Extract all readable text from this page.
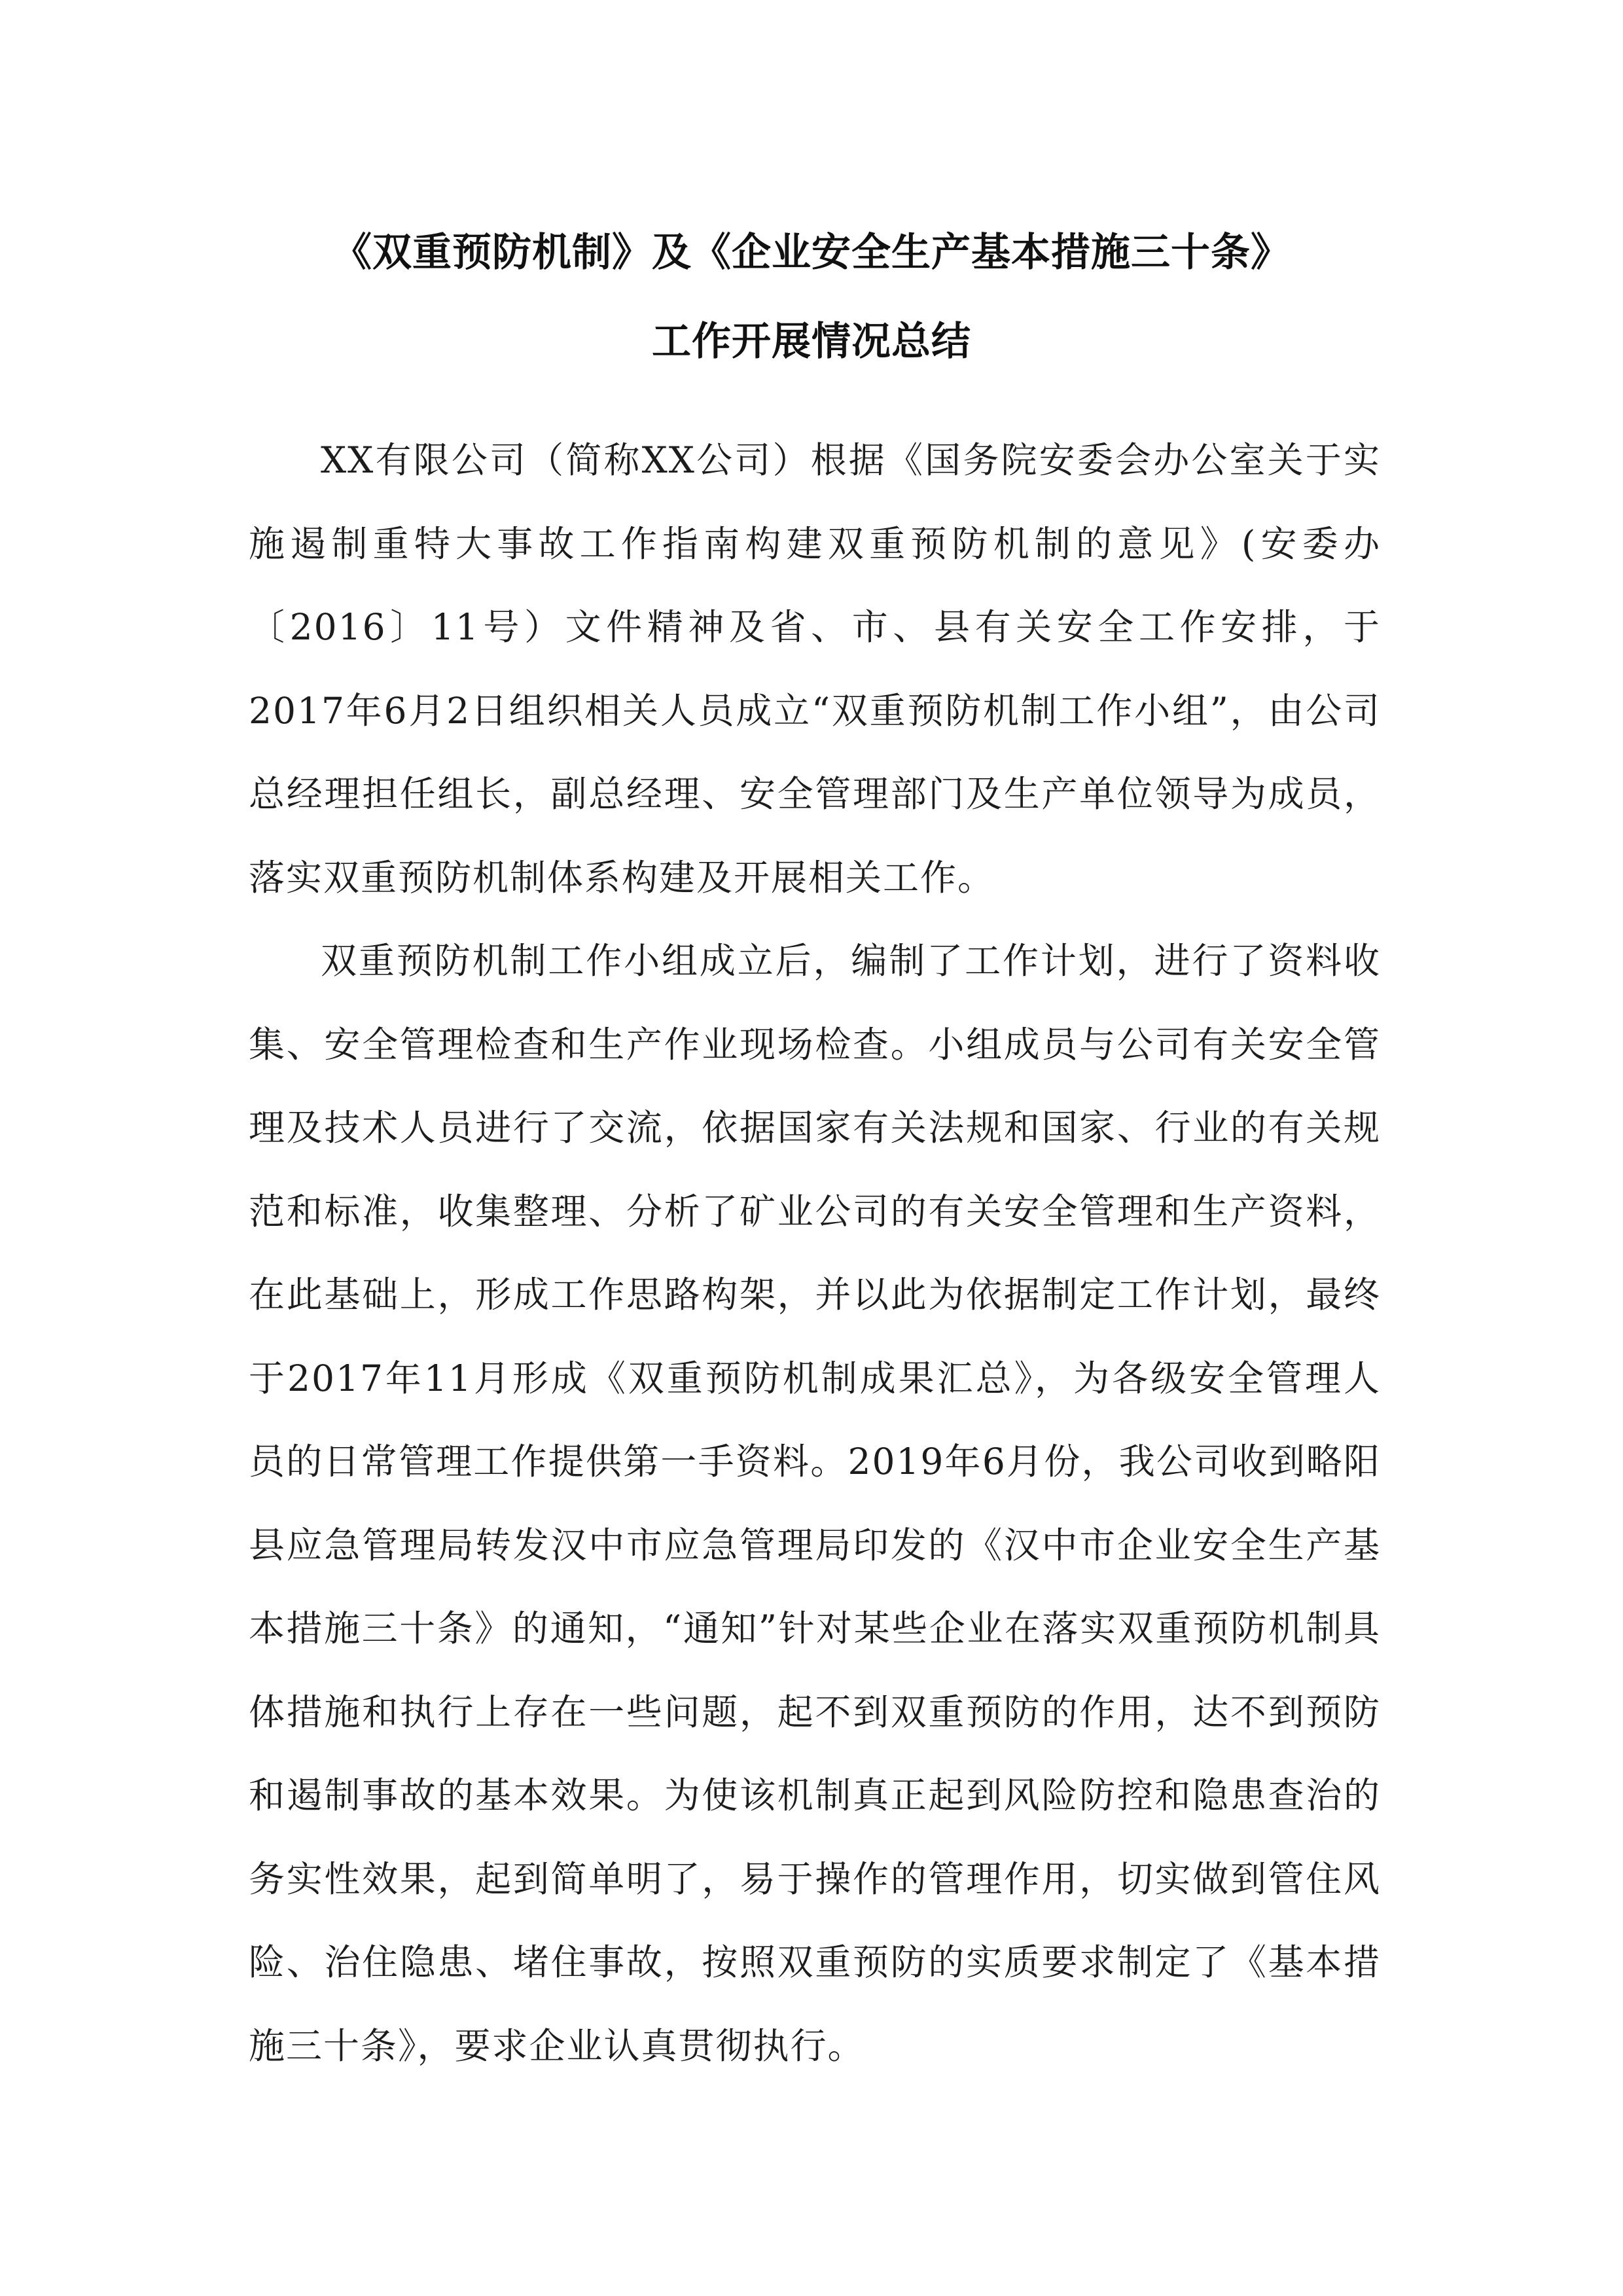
《双重预防机制》及《企业安全生产基本措施三十条》
工作开展情况总结

XX有限公司（简称XX公司）根据《国务院安委会办公室关于实施遏制重特大事故工作指南构建双重预防机制的意见》(安委办〔2016〕11号）文件精神及省、市、县有关安全工作安排，于2017年6月2日组织相关人员成立“双重预防机制工作小组”，由公司总经理担任组长，副总经理、安全管理部门及生产单位领导为成员，落实双重预防机制体系构建及开展相关工作。

双重预防机制工作小组成立后，编制了工作计划，进行了资料收集、安全管理检查和生产作业现场检查。小组成员与公司有关安全管理及技术人员进行了交流，依据国家有关法规和国家、行业的有关规范和标准，收集整理、分析了矿业公司的有关安全管理和生产资料，在此基础上，形成工作思路构架，并以此为依据制定工作计划，最终于2017年11月形成《双重预防机制成果汇总》，为各级安全管理人员的日常管理工作提供第一手资料。2019年6月份，我公司收到略阳县应急管理局转发汉中市应急管理局印发的《汉中市企业安全生产基本措施三十条》的通知，“通知”针对某些企业在落实双重预防机制具体措施和执行上存在一些问题，起不到双重预防的作用，达不到预防和遏制事故的基本效果。为使该机制真正起到风险防控和隐患查治的务实性效果，起到简单明了，易于操作的管理作用，切实做到管住风险、治住隐患、堵住事故，按照双重预防的实质要求制定了《基本措施三十条》，要求企业认真贯彻执行。
